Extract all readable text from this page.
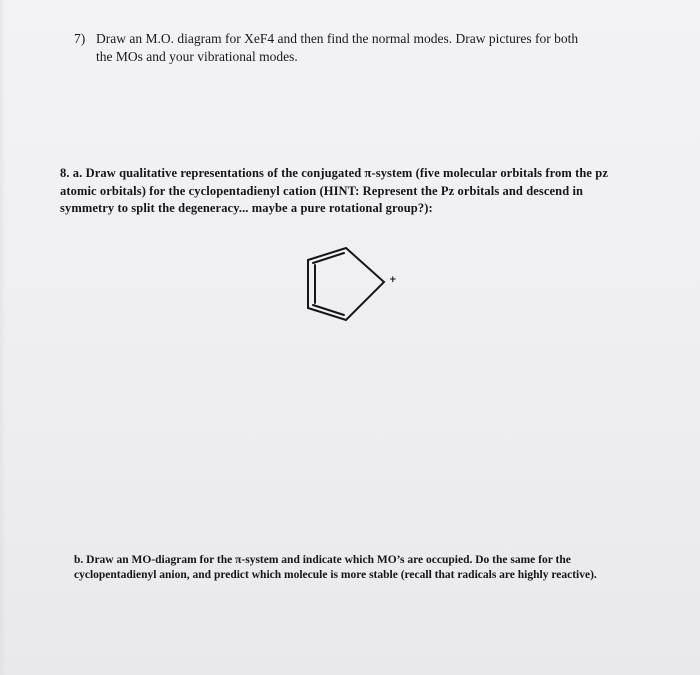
7) Draw an M.O. diagram for XeF4 and then find the normal modes. Draw pictures for both
the MOs and your vibrational modes.
8. a. Draw qualitative representations of the conjugated π-system (five molecular orbitals from the pz atomic orbitals) for the cyclopentadienyl cation (HINT: Represent the Pz orbitals and descend in symmetry to split the degeneracy... maybe a pure rotational group?):
+
b. Draw an MO-diagram for the π-system and indicate which MO’s are occupied. Do the same for the cyclopentadienyl anion, and predict which molecule is more stable (recall that radicals are highly reactive).
